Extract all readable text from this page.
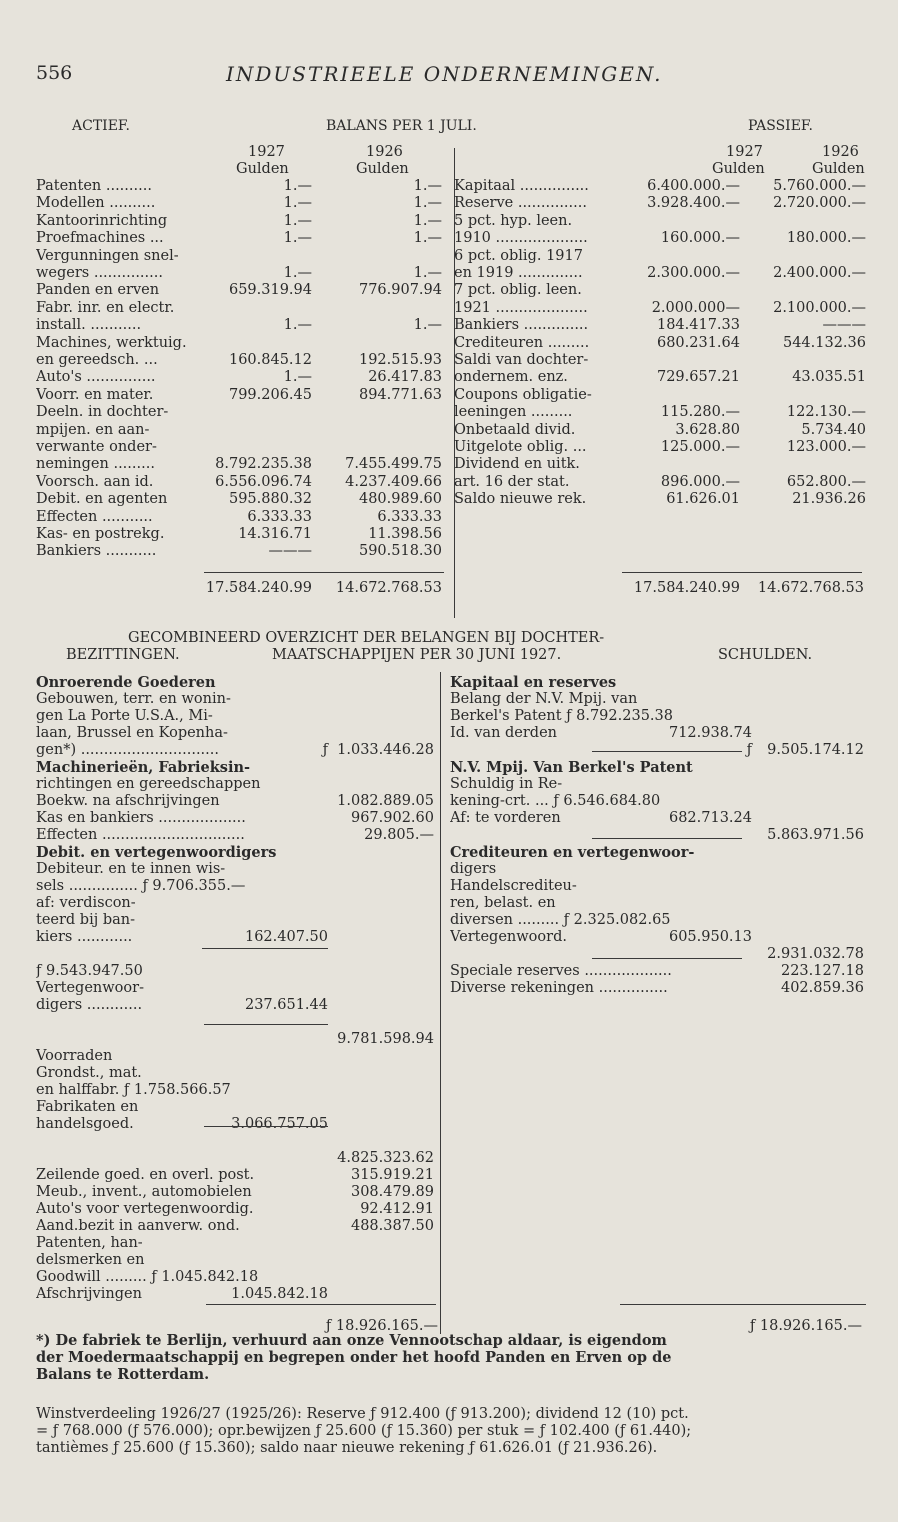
556	INDUSTRIEELE ONDERNEMINGEN.
ACTIEF.	BALANS PER 1 JULI.	PASSIEF.
1927	1926	1927	1926
Gulden	Gulden	Gulden	Gulden
Patenten ..........	1.—	1.—
Modellen ..........	1.—	1.—
Kantoorinrichting	1.—	1.—
Proefmachines ...	1.—	1.—
Vergunningen snel-
wegers ...............	1.—	1.—
Panden en erven	659.319.94	776.907.94
Fabr. inr. en electr.
install. ...........	1.—	1.—
Machines, werktuig.
en gereedsch. ...	160.845.12	192.515.93
Auto's ...............	1.—	26.417.83
Voorr. en mater.	799.206.45	894.771.63
Deeln. in dochter-
mpijen. en aan-
verwante onder-
nemingen .........	8.792.235.38	7.455.499.75
Voorsch. aan id.	6.556.096.74	4.237.409.66
Debit. en agenten	595.880.32	480.989.60
Effecten ...........	6.333.33	6.333.33
Kas- en postrekg.	14.316.71	11.398.56
Bankiers ...........	———	590.518.30
Kapitaal ...............	6.400.000.—	5.760.000.—
Reserve ...............	3.928.400.—	2.720.000.—
5 pct. hyp. leen.
1910 ....................	160.000.—	180.000.—
6 pct. oblig. 1917
en 1919 ..............	2.300.000.—	2.400.000.—
7 pct. oblig. leen.
1921 ....................	2.000.000—	2.100.000.—
Bankiers ..............	184.417.33	———
Crediteuren .........	680.231.64	544.132.36
Saldi van dochter-
ondernem. enz.	729.657.21	43.035.51
Coupons obligatie-
leeningen .........	115.280.—	122.130.—
Onbetaald divid.	3.628.80	5.734.40
Uitgelote oblig. ...	125.000.—	123.000.—
Dividend en uitk.
art. 16 der stat.	896.000.—	652.800.—
Saldo nieuwe rek.	61.626.01	21.936.26
17.584.240.99	14.672.768.53	17.584.240.99	14.672.768.53
GECOMBINEERD OVERZICHT DER BELANGEN BIJ DOCHTER-
BEZITTINGEN.	MAATSCHAPPIJEN PER 30 JUNI 1927.	SCHULDEN.
Onroerende Goederen
Gebouwen, terr. en wonin-
gen La Porte U.S.A., Mi-
laan, Brussel en Kopenha-
gen*) ..............................	ƒ 1.033.446.28
Machinerieën, Fabrieksin-
richtingen en gereedschappen
Boekw. na afschrijvingen	1.082.889.05
Kas en bankiers ...................	967.902.60
Effecten ...............................	29.805.—
Debit. en vertegenwoordigers
Debiteur. en te innen wis-
sels ............... ƒ 9.706.355.—
af: verdiscon-
teerd bij ban-
kiers ............	162.407.50
ƒ 9.543.947.50
Vertegenwoor-
digers ............	237.651.44
9.781.598.94
Voorraden
Grondst., mat.
en halffabr. ƒ 1.758.566.57
Fabrikaten en
handelsgoed.	3.066.757.05
4.825.323.62
Zeilende goed. en overl. post.	315.919.21
Meub., invent., automobielen	308.479.89
Auto's voor vertegenwoordig.	92.412.91
Aand.bezit in aanverw. ond.	488.387.50
Patenten, han-
delsmerken en
Goodwill ......... ƒ 1.045.842.18
Afschrijvingen	1.045.842.18
Kapitaal en reserves
Belang der N.V. Mpij. van
Berkel's Patent ƒ 8.792.235.38
Id. van derden	712.938.74
ƒ	9.505.174.12
N.V. Mpij. Van Berkel's Patent
Schuldig in Re-
kening-crt. ... ƒ 6.546.684.80
Af: te vorderen	682.713.24
5.863.971.56
Crediteuren en vertegenwoor-
digers
Handelscrediteu-
ren, belast. en
diversen ......... ƒ 2.325.082.65
Vertegenwoord.	605.950.13
2.931.032.78
Speciale reserves ...................	223.127.18
Diverse rekeningen ...............	402.859.36
ƒ 18.926.165.—	ƒ 18.926.165.—
*) De fabriek te Berlijn, verhuurd aan onze Vennootschap aldaar, is eigendom
der Moedermaatschappij en begrepen onder het hoofd Panden en Erven op de
Balans te Rotterdam.
Winstverdeeling 1926/27 (1925/26): Reserve ƒ 912.400 (ƒ 913.200); dividend 12 (10) pct.
= ƒ 768.000 (ƒ 576.000); opr.bewijzen ƒ 25.600 (ƒ 15.360) per stuk = ƒ 102.400 (ƒ 61.440);
tantièmes ƒ 25.600 (ƒ 15.360); saldo naar nieuwe rekening ƒ 61.626.01 (ƒ 21.936.26).
